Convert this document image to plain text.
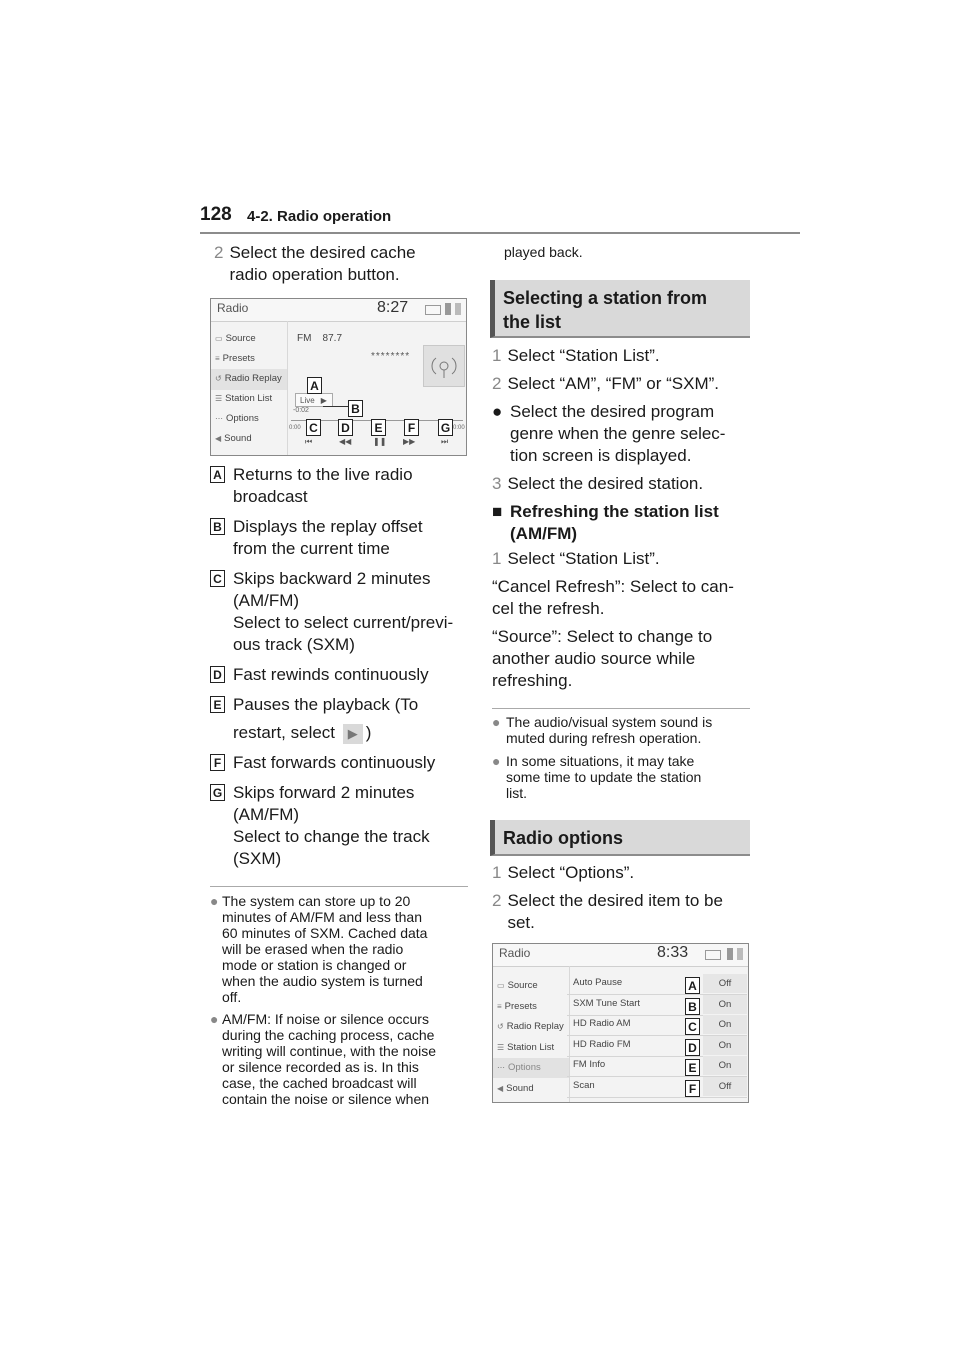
128 4-2. Radio operation
2 Select the desired cache
radio operation button.
Radio	8:27
▭ Source
≡ Presets
↺ Radio Replay
☰ Station List
⋯ Options
◀ Sound
FM    87.7
********
Live ▶
-0:02
0:00	0:00
⏮	◀◀	❚❚ ▶▶	⏭
A
B
C D E	F	G
A Returns to the live radio
broadcast
B Displays the replay offset
from the current time
C Skips backward 2 minutes
(AM/FM)
Select to select current/previ-
ous track (SXM)
D Fast rewinds continuously
E Pauses the playback (To
restart, select ▶ )
F Fast forwards continuously
G Skips forward 2 minutes
(AM/FM)
Select to change the track
(SXM)
● The system can store up to 20
minutes of AM/FM and less than
60 minutes of SXM. Cached data
will be erased when the radio
mode or station is changed or
when the audio system is turned
off.
● AM/FM: If noise or silence occurs
during the caching process, cache
writing will continue, with the noise
or silence recorded as is. In this
case, the cached broadcast will
contain the noise or silence when
played back.
Selecting a station from
the list
1 Select “Station List”.
2 Select “AM”, “FM” or “SXM”.
● Select the desired program
genre when the genre selec-
tion screen is displayed.
3 Select the desired station.
■ Refreshing the station list
(AM/FM)
1 Select “Station List”.
“Cancel Refresh”: Select to can-
cel the refresh.
“Source”: Select to change to
another audio source while
refreshing.
● The audio/visual system sound is
muted during refresh operation.
● In some situations, it may take
some time to update the station
list.
Radio options
1 Select “Options”.
2 Select the desired item to be
set.
Radio	8:33
▭ Source
≡ Presets
↺ Radio Replay
☰ Station List
⋯ Options
◀ Sound
Auto Pause	Off
SXM Tune Start	On
HD Radio AM	On
HD Radio FM	On
FM Info	On
Scan	Off
A
B
C
D
E
F
